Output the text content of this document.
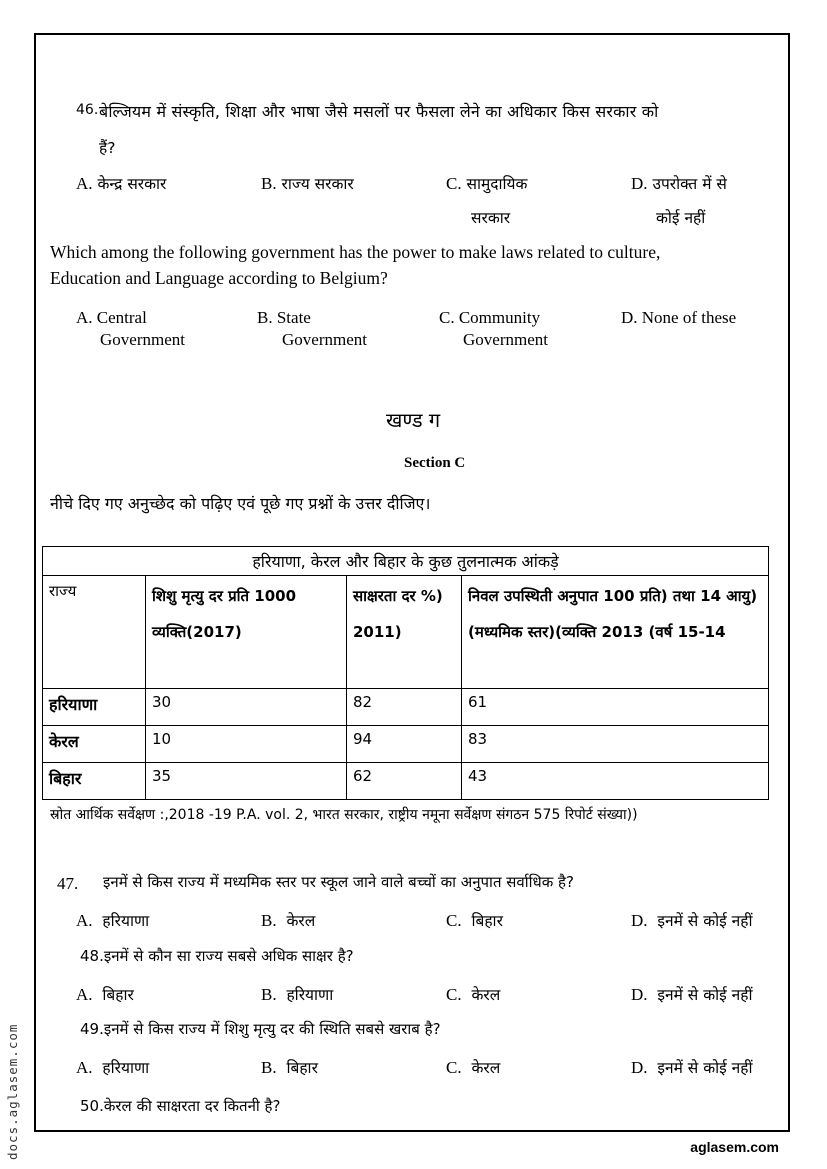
docs.aglasem.com	aglasem.com
46. बेल्जियम में संस्कृति, शिक्षा और भाषा जैसे मसलों पर फैसला लेने का अधिकार किस सरकार को
हैं?
A. केन्द्र सरकार	B. राज्य सरकार	C. सामुदायिक
सरकार
D. उपरोक्त में से
कोई नहीं
Which among the following government has the power to make laws related to culture,
Education and Language according to Belgium?
A. Central
Government
B. State
Government
C. Community
Government
D. None of these
खण्ड ग
Section C
नीचे दिए गए अनुच्छेद को पढ़िए एवं पूछे गए प्रश्नों के उत्तर दीजिए।
हरियाणा, केरल और बिहार के कुछ तुलनात्मक आंकड़े			
राज्य	शिशु मृत्यु दर प्रति 1000 व्यक्ति(2017)	साक्षरता दर %) 2011)	निवल उपस्थिती अनुपात 100 प्रति) तथा 14 आयु) (मध्यमिक स्तर)(व्यक्ति 2013 (वर्ष 15-14
हरियाणा	30	82	61
केरल	10	94	83
बिहार	35	62	43
स्रोत आर्थिक सर्वेक्षण :,2018 -19 P.A. vol. 2, भारत सरकार, राष्ट्रीय नमूना सर्वेक्षण संगठन 575 रिपोर्ट संख्या))
47. इनमें से किस राज्य में मध्यमिक स्तर पर स्कूल जाने वाले बच्चों का अनुपात सर्वाधिक है?
A. हरियाणा	B. केरल	C. बिहार	D. इनमें से कोई नहीं
48.इनमें से कौन सा राज्य सबसे अधिक साक्षर है?
A. बिहार	B. हरियाणा	C. केरल	D. इनमें से कोई नहीं
49.इनमें से किस राज्य में शिशु मृत्यु दर की स्थिति सबसे खराब है?
A. हरियाणा	B. बिहार	C. केरल	D. इनमें से कोई नहीं
50.केरल की साक्षरता दर कितनी है?
